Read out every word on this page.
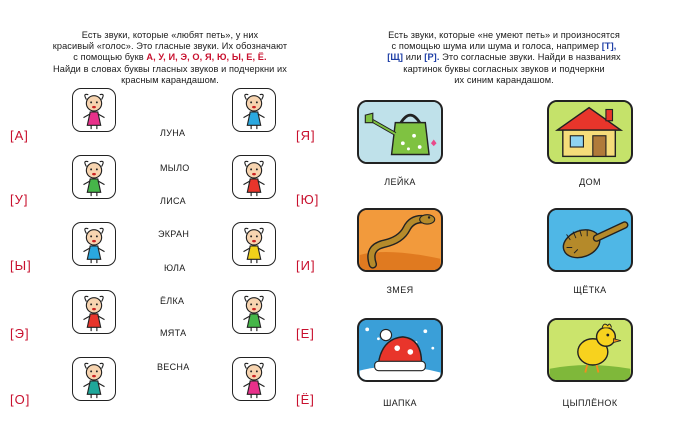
Есть звуки, которые «любят петь», у них
красивый «голос». Это гласные звуки. Их обозначают
с помощью букв А, У, И, Э, О, Я, Ю, Ы, Е, Ё.
Найди в словах буквы гласных звуков и подчеркни их
красным карандашом.
[А]
[У]
[Ы]
[Э]
[О]
[Я]
[Ю]
[И]
[Е]
[Ё]
ЛУНА
МЫЛО
ЛИСА
ЭКРАН
ЮЛА
ЁЛКА
МЯТА
ВЕСНА
Есть звуки, которые «не умеют петь» и произносятся
с помощью шума или шума и голоса, например [Т],
[Щ] или [Р]. Это согласные звуки. Найди в названиях
картинок буквы согласных звуков и подчеркни
их синим карандашом.
ЛЕЙКА	ДОМ
ЗМЕЯ	ЩЁТКА
ШАПКА	ЦЫПЛЁНОК
